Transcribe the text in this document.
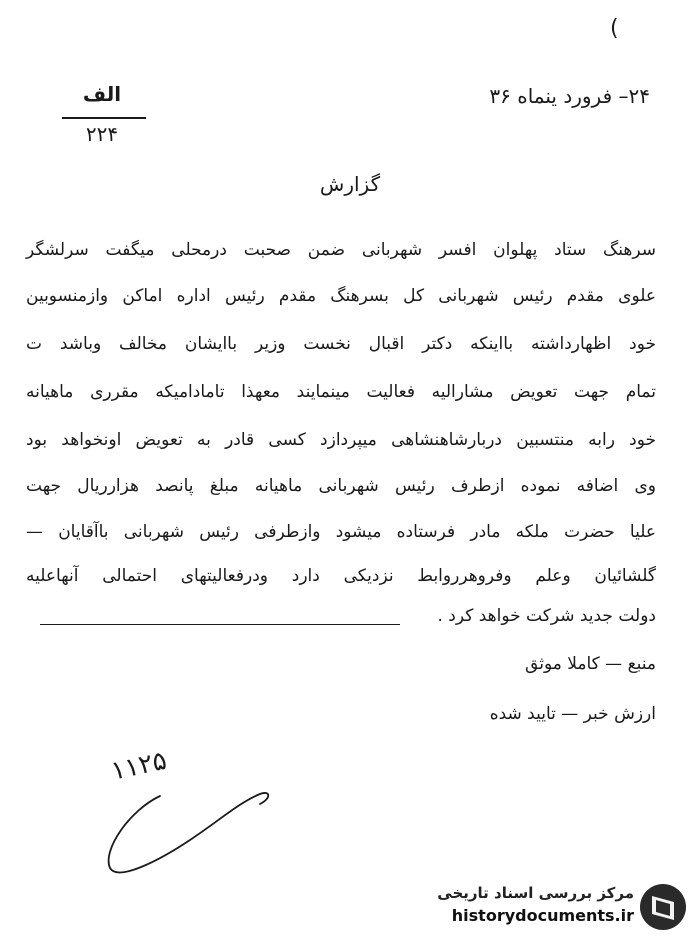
(
۲۴– فرورد ینماه ۳۶
الف
۲۲۴
گزارش
سرهنگ ستاد پهلوان افسر شهربانی ضمن صحبت درمحلی میگفت سرلشگر
علوی مقدم رئیس شهربانی کل بسرهنگ مقدم رئیس اداره اماکن وازمنسوبین
خود اظهارداشته بااینکه دکتر اقبال نخست وزیر باایشان مخالف وباشد ت
تمام جهت تعویض مشارالیه فعالیت مینمایند معهذا تامادامیکه مقرری ماهیانه
خود رابه منتسبین دربارشاهنشاهی میپردازد کسی قادر به تعویض اونخواهد بود
وی اضافه نموده ازطرف رئیس شهربانی ماهیانه مبلغ پانصد هزارریال جهت
علیا حضرت ملکه مادر فرستاده میشود وازطرفی رئیس شهربانی باآقایان —
گلشائیان وعلم وفروهرروابط نزدیکی دارد ودرفعالیتهای احتمالی آنهاعلیه
دولت جدید شرکت خواهد کرد .
منبع — کاملا موثق
ارزش خبر — تایید شده
۱۱۲۵
مرکز بررسی اسناد تاریخی
historydocuments.ir
